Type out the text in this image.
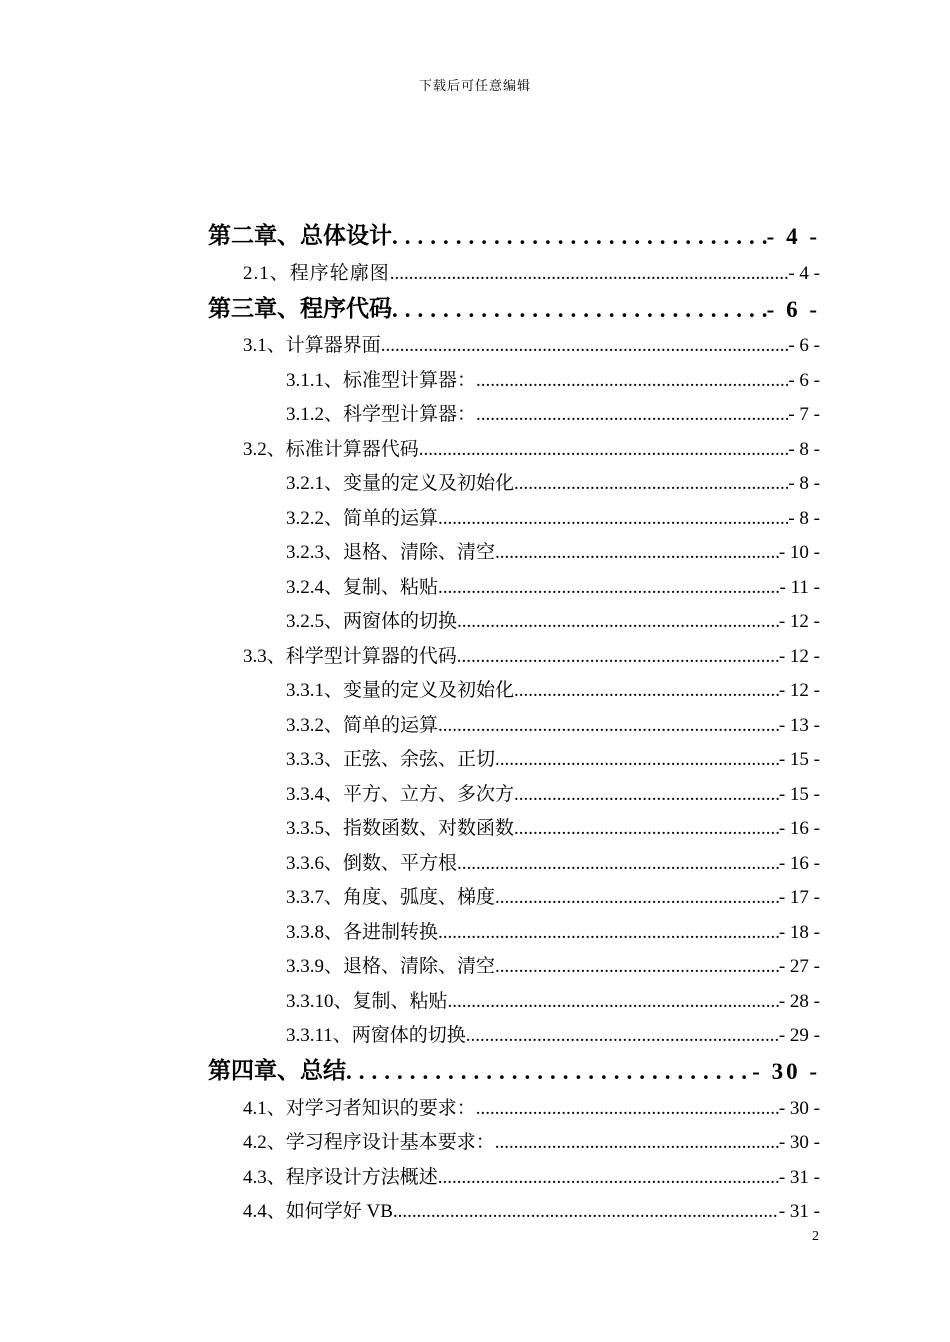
下载后可任意编辑
第二章、总体设计 .....	- 4 -
2.1、程序轮廓图 .....	- 4 -
第三章、程序代码 .....	- 6 -
3.1、计算器界面 .....	- 6 -
3.1.1、标准型计算器： .....	- 6 -
3.1.2、科学型计算器： .....	- 7 -
3.2、标准计算器代码 .....	- 8 -
3.2.1、变量的定义及初始化 .....	- 8 -
3.2.2、简单的运算 .....	- 8 -
3.2.3、退格、清除、清空 .....	- 10 -
3.2.4、复制、粘贴 .....	- 11 -
3.2.5、两窗体的切换 .....	- 12 -
3.3、科学型计算器的代码 .....	- 12 -
3.3.1、变量的定义及初始化 .....	- 12 -
3.3.2、简单的运算 .....	- 13 -
3.3.3、正弦、余弦、正切 .....	- 15 -
3.3.4、平方、立方、多次方 .....	- 15 -
3.3.5、指数函数、对数函数 .....	- 16 -
3.3.6、倒数、平方根 .....	- 16 -
3.3.7、角度、弧度、梯度 .....	- 17 -
3.3.8、各进制转换 .....	- 18 -
3.3.9、退格、清除、清空 .....	- 27 -
3.3.10、复制、粘贴 .....	- 28 -
3.3.11、两窗体的切换 .....	- 29 -
第四章、总结 .....	- 30 -
4.1、对学习者知识的要求： .....	- 30 -
4.2、学习程序设计基本要求： .....	- 30 -
4.3、程序设计方法概述 .....	- 31 -
4.4、如何学好 VB .....	- 31 -
2
